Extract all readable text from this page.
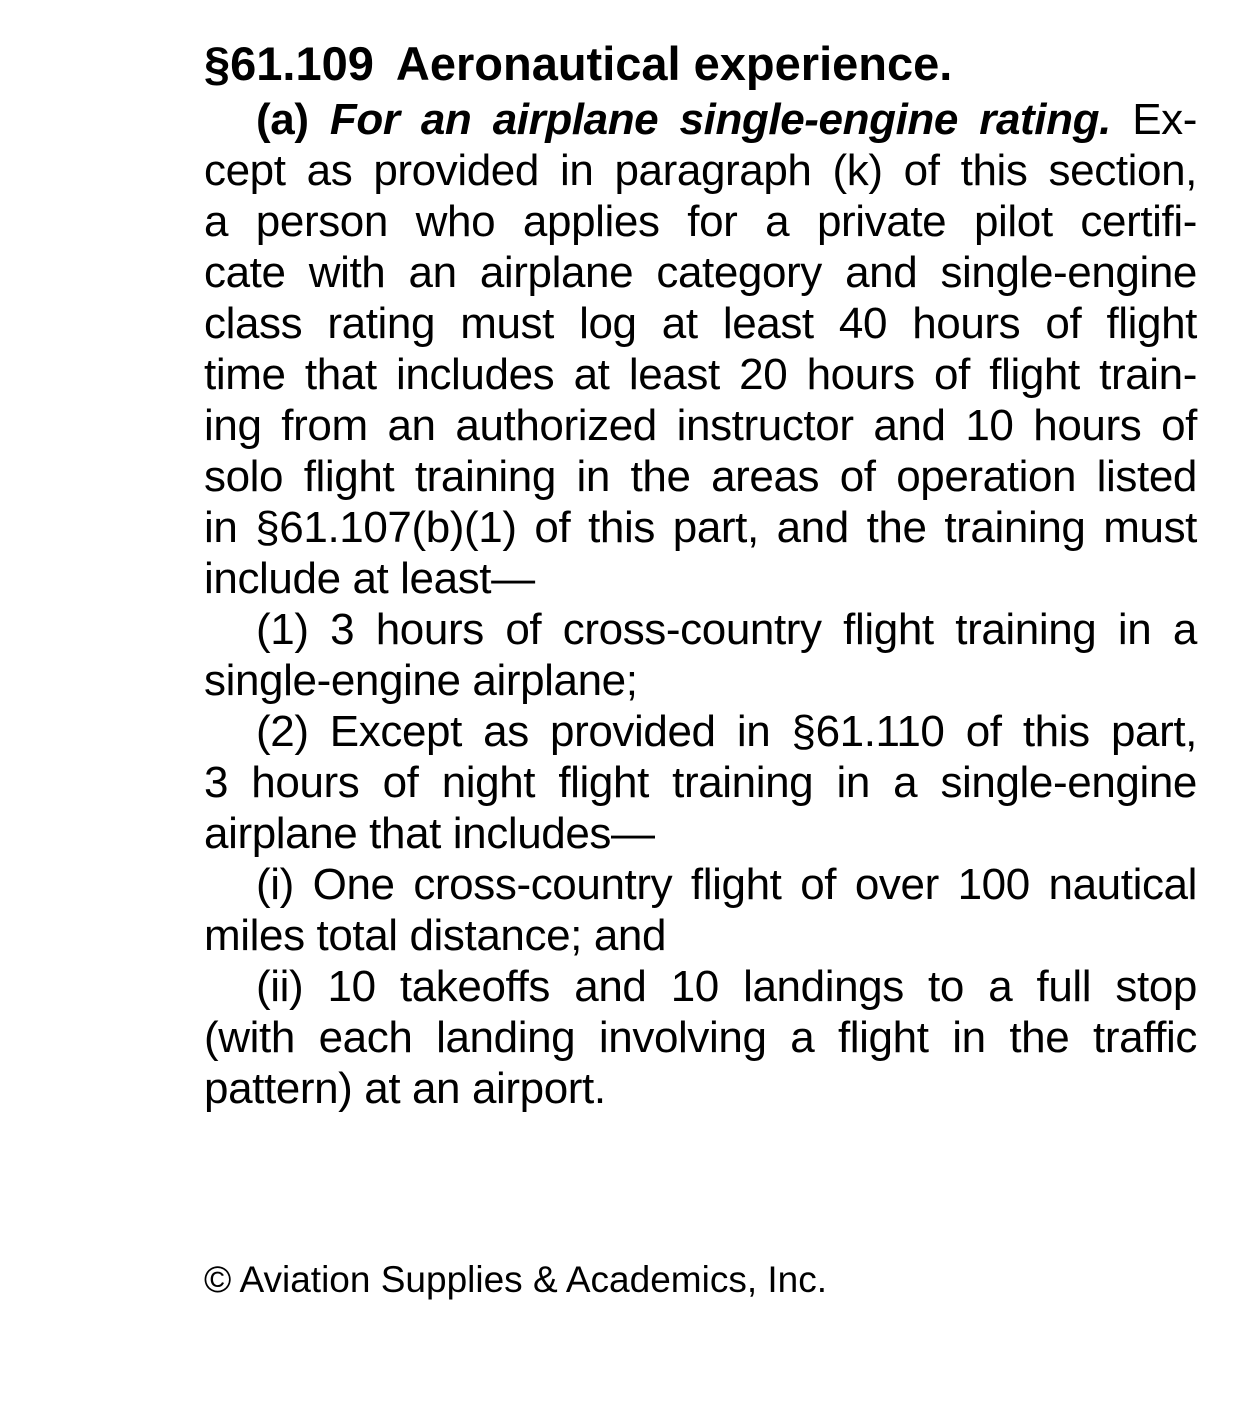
§61.109 Aeronautical experience.
(a) For an airplane single-engine rating. Ex-
cept as provided in paragraph (k) of this section,
a person who applies for a private pilot certifi-
cate with an airplane category and single-engine
class rating must log at least 40 hours of flight
time that includes at least 20 hours of flight train-
ing from an authorized instructor and 10 hours of
solo flight training in the areas of operation listed
in §61.107(b)(1) of this part, and the training must
include at least—
(1) 3 hours of cross-country flight training in a
single-engine airplane;
(2) Except as provided in §61.110 of this part,
3 hours of night flight training in a single-engine
airplane that includes—
(i) One cross-country flight of over 100 nautical
miles total distance; and
(ii) 10 takeoffs and 10 landings to a full stop
(with each landing involving a flight in the traffic
pattern) at an airport.
© Aviation Supplies & Academics, Inc.
